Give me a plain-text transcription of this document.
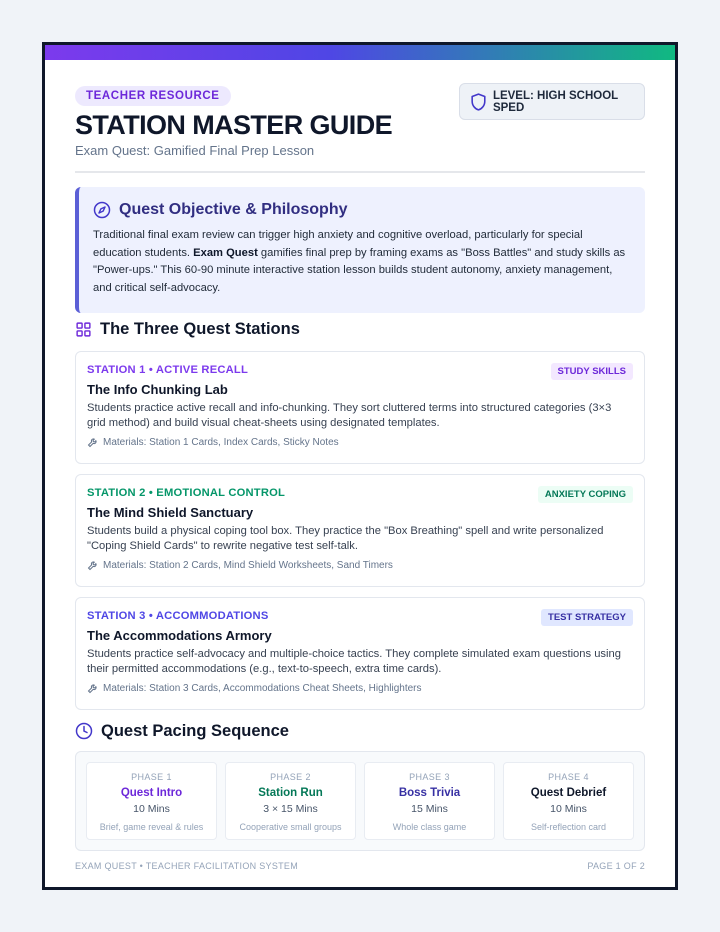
TEACHER RESOURCE	LEVEL: HIGH SCHOOL SPED
STATION MASTER GUIDE
Exam Quest: Gamified Final Prep Lesson
Quest Objective & Philosophy

Traditional final exam review can trigger high anxiety and cognitive overload, particularly for special education students. Exam Quest gamifies final prep by framing exams as "Boss Battles" and study skills as "Power-ups." This 60-90 minute interactive station lesson builds student autonomy, anxiety management, and critical self-advocacy.

The Three Quest Stations
STATION 1 • ACTIVE RECALL	STUDY SKILLS
The Info Chunking Lab
Students practice active recall and info-chunking. They sort cluttered terms into structured categories (3×3 grid method) and build visual cheat-sheets using designated templates.
Materials: Station 1 Cards, Index Cards, Sticky Notes
STATION 2 • EMOTIONAL CONTROL	ANXIETY COPING
The Mind Shield Sanctuary
Students build a physical coping tool box. They practice the "Box Breathing" spell and write personalized "Coping Shield Cards" to rewrite negative test self-talk.
Materials: Station 2 Cards, Mind Shield Worksheets, Sand Timers
STATION 3 • ACCOMMODATIONS	TEST STRATEGY
The Accommodations Armory
Students practice self-advocacy and multiple-choice tactics. They complete simulated exam questions using their permitted accommodations (e.g., text-to-speech, extra time cards).
Materials: Station 3 Cards, Accommodations Cheat Sheets, Highlighters
Quest Pacing Sequence
PHASE 1
Quest Intro
10 Mins
Brief, game reveal & rules
PHASE 2
Station Run
3 × 15 Mins
Cooperative small groups
PHASE 3
Boss Trivia
15 Mins
Whole class game
PHASE 4
Quest Debrief
10 Mins
Self-reflection card
EXAM QUEST • TEACHER FACILITATION SYSTEM	PAGE 1 OF 2
